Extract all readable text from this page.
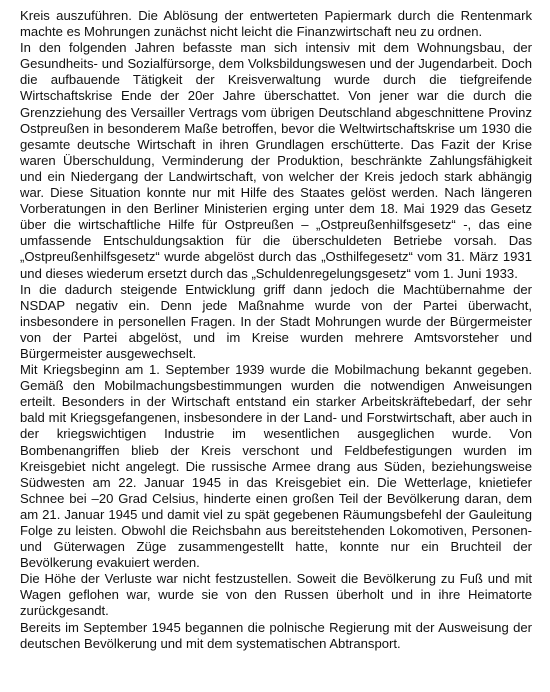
Kreis auszuführen. Die Ablösung der entwerteten Papiermark durch die Rentenmark machte es Mohrungen zunächst nicht leicht die Finanzwirtschaft neu zu ordnen.

In den folgenden Jahren befasste man sich intensiv mit dem Wohnungsbau, der Gesundheits- und Sozialfürsorge, dem Volksbildungswesen und der Jugendarbeit. Doch die aufbauende Tätigkeit der Kreisverwaltung wurde durch die tiefgreifende Wirtschaftskrise Ende der 20er Jahre überschattet. Von jener war die durch die Grenzziehung des Versailler Vertrags vom übrigen Deutschland abgeschnittene Provinz Ostpreußen in besonderem Maße betroffen, bevor die Weltwirtschaftskrise um 1930 die gesamte deutsche Wirtschaft in ihren Grundlagen erschütterte. Das Fazit der Krise waren Überschuldung, Verminderung der Produktion, beschränkte Zahlungsfähigkeit und ein Niedergang der Landwirtschaft, von welcher der Kreis jedoch stark abhängig war. Diese Situation konnte nur mit Hilfe des Staates gelöst werden. Nach längeren Vorberatungen in den Berliner Ministerien erging unter dem 18. Mai 1929 das Gesetz über die wirtschaftliche Hilfe für Ostpreußen – „Ostpreußenhilfsgesetz“ -, das eine umfassende Entschuldungsaktion für die überschuldeten Betriebe vorsah. Das „Ostpreußenhilfsgesetz“ wurde abgelöst durch das „Osthilfegesetz“ vom 31. März 1931 und dieses wiederum ersetzt durch das „Schuldenregelungsgesetz“ vom 1. Juni 1933.

In die dadurch steigende Entwicklung griff dann jedoch die Machtübernahme der NSDAP negativ ein. Denn jede Maßnahme wurde von der Partei überwacht, insbesondere in personellen Fragen. In der Stadt Mohrungen wurde der Bürgermeister von der Partei abgelöst, und im Kreise wurden mehrere Amtsvorsteher und Bürgermeister ausgewechselt.

Mit Kriegsbeginn am 1. September 1939 wurde die Mobilmachung bekannt gegeben. Gemäß den Mobilmachungsbestimmungen wurden die notwendigen Anweisungen erteilt. Besonders in der Wirtschaft entstand ein starker Arbeitskräftebedarf, der sehr bald mit Kriegsgefangenen, insbesondere in der Land- und Forstwirtschaft, aber auch in der kriegswichtigen Industrie im wesentlichen ausgeglichen wurde. Von Bombenangriffen blieb der Kreis verschont und Feldbefestigungen wurden im Kreisgebiet nicht angelegt. Die russische Armee drang aus Süden, beziehungsweise Südwesten am 22. Januar 1945 in das Kreisgebiet ein. Die Wetterlage, knietiefer Schnee bei –20 Grad Celsius, hinderte einen großen Teil der Bevölkerung daran, dem am 21. Januar 1945 und damit viel zu spät gegebenen Räumungsbefehl der Gauleitung Folge zu leisten. Obwohl die Reichsbahn aus bereitstehenden Lokomotiven, Personen- und Güterwagen Züge zusammengestellt hatte, konnte nur ein Bruchteil der Bevölkerung evakuiert werden.

Die Höhe der Verluste war nicht festzustellen. Soweit die Bevölkerung zu Fuß und mit Wagen geflohen war, wurde sie von den Russen überholt und in ihre Heimatorte zurückgesandt.

Bereits im September 1945 begannen die polnische Regierung mit der Ausweisung der deutschen Bevölkerung und mit dem systematischen Abtransport.
